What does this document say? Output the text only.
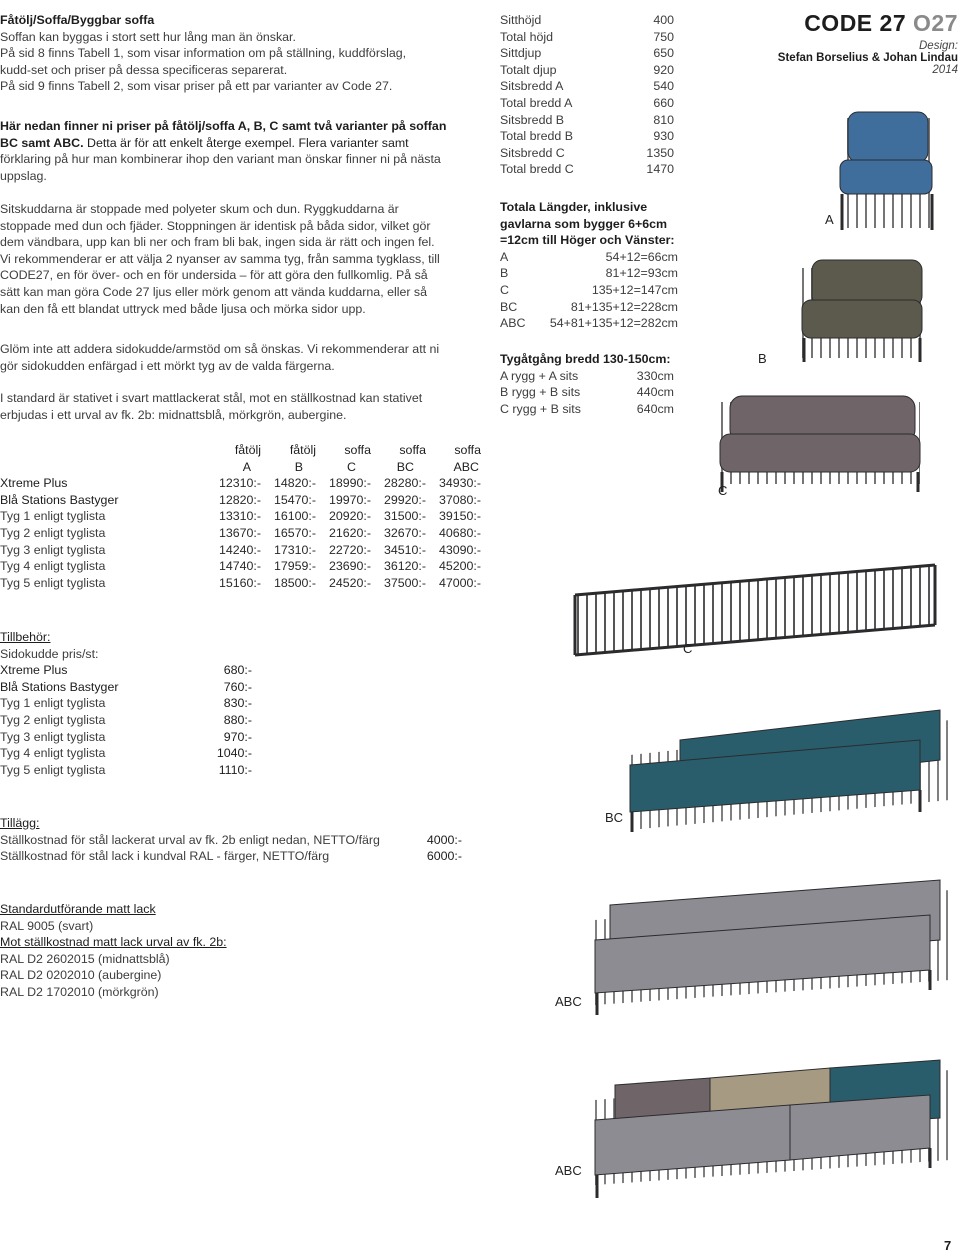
Fåtölj/Soffa/Byggbar soffa

Soffan kan byggas i stort sett hur lång man än önskar.

På sid 8 finns Tabell 1, som visar information om på ställning, kuddförslag,

kudd-set och priser på dessa specificeras separerat.

På sid 9 finns Tabell 2, som visar priser på ett par varianter av Code 27.

Här nedan finner ni priser på fåtölj/soffa A, B, C samt två varianter på soffan

BC samt ABC. Detta är för att enkelt återge exempel. Flera varianter samt

förklaring på hur man kombinerar ihop den variant man önskar finner ni på nästa

uppslag.

Sitskuddarna är stoppade med polyeter skum och dun. Ryggkuddarna är

stoppade med dun och fjäder. Stoppningen är identisk på båda sidor, vilket gör

dem vändbara, upp kan bli ner och fram bli bak, ingen sida är rätt och ingen fel.

Vi rekommenderar er att välja 2 nyanser av samma tyg, från samma tygklass, till

CODE27, en för över- och en för undersida – för att göra den fullkomlig. På så

sätt kan man göra Code 27 ljus eller mörk genom att vända kuddarna, eller så

kan den få ett blandat uttryck med både ljusa och mörka sidor upp.

Glöm inte att addera sidokudde/armstöd om så önskas. Vi rekommenderar att ni

gör sidokudden enfärgad i ett mörkt tyg av de valda färgerna.

I standard är stativet i svart mattlackerat stål, mot en ställkostnad kan stativet

erbjudas i ett urval av fk. 2b: midnattsblå, mörkgrön, aubergine.

	fåtölj	fåtölj	soffa	soffa	soffa
	A	B	C	BC	ABC
Xtreme Plus	12310:-	14820:-	18990:-	28280:-	34930:-
Blå Stations Bastyger	12820:-	15470:-	19970:-	29920:-	37080:-
Tyg 1 enligt tyglista	13310:-	16100:-	20920:-	31500:-	39150:-
Tyg 2 enligt tyglista	13670:-	16570:-	21620:-	32670:-	40680:-
Tyg 3 enligt tyglista	14240:-	17310:-	22720:-	34510:-	43090:-
Tyg 4 enligt tyglista	14740:-	17959:-	23690:-	36120:-	45200:-
Tyg 5 enligt tyglista	15160:-	18500:-	24520:-	37500:-	47000:-

Tillbehör:

Sidokudde pris/st:

Xtreme Plus	680:-
Blå Stations Bastyger	760:-
Tyg 1 enligt tyglista	830:-
Tyg 2 enligt tyglista	880:-
Tyg 3 enligt tyglista	970:-
Tyg 4 enligt tyglista	1040:-
Tyg 5 enligt tyglista	1110:-

Tillägg:

Ställkostnad för stål lackerat urval av fk. 2b enligt nedan, NETTO/färg	4000:-
Ställkostnad för stål lack i kundval RAL - färger, NETTO/färg	6000:-

Standardutförande matt lack

RAL 9005 (svart)

Mot ställkostnad matt lack urval av fk. 2b:

RAL D2 2602015 (midnattsblå)

RAL D2 0202010 (aubergine)

RAL D2 1702010 (mörkgrön)

Sitthöjd	400
Total höjd	750
Sittdjup	650
Totalt djup	920
Sitsbredd A	540
Total bredd A	660
Sitsbredd B	810
Total bredd B	930
Sitsbredd C	1350
Total bredd C	1470

Totala Längder, inklusive

gavlarna som bygger 6+6cm

=12cm till Höger och Vänster:

A	54+12=66cm
B	81+12=93cm
C	135+12=147cm
BC	81+135+12=228cm
ABC	54+81+135+12=282cm

Tygåtgång bredd 130-150cm:

A rygg + A sits	330cm
B rygg + B sits	440cm
C rygg + B sits	640cm
CODE 27 O27
Design:
Stefan Borselius & Johan Lindau
2014
A
B
C
C
BC
ABC
ABC
7
